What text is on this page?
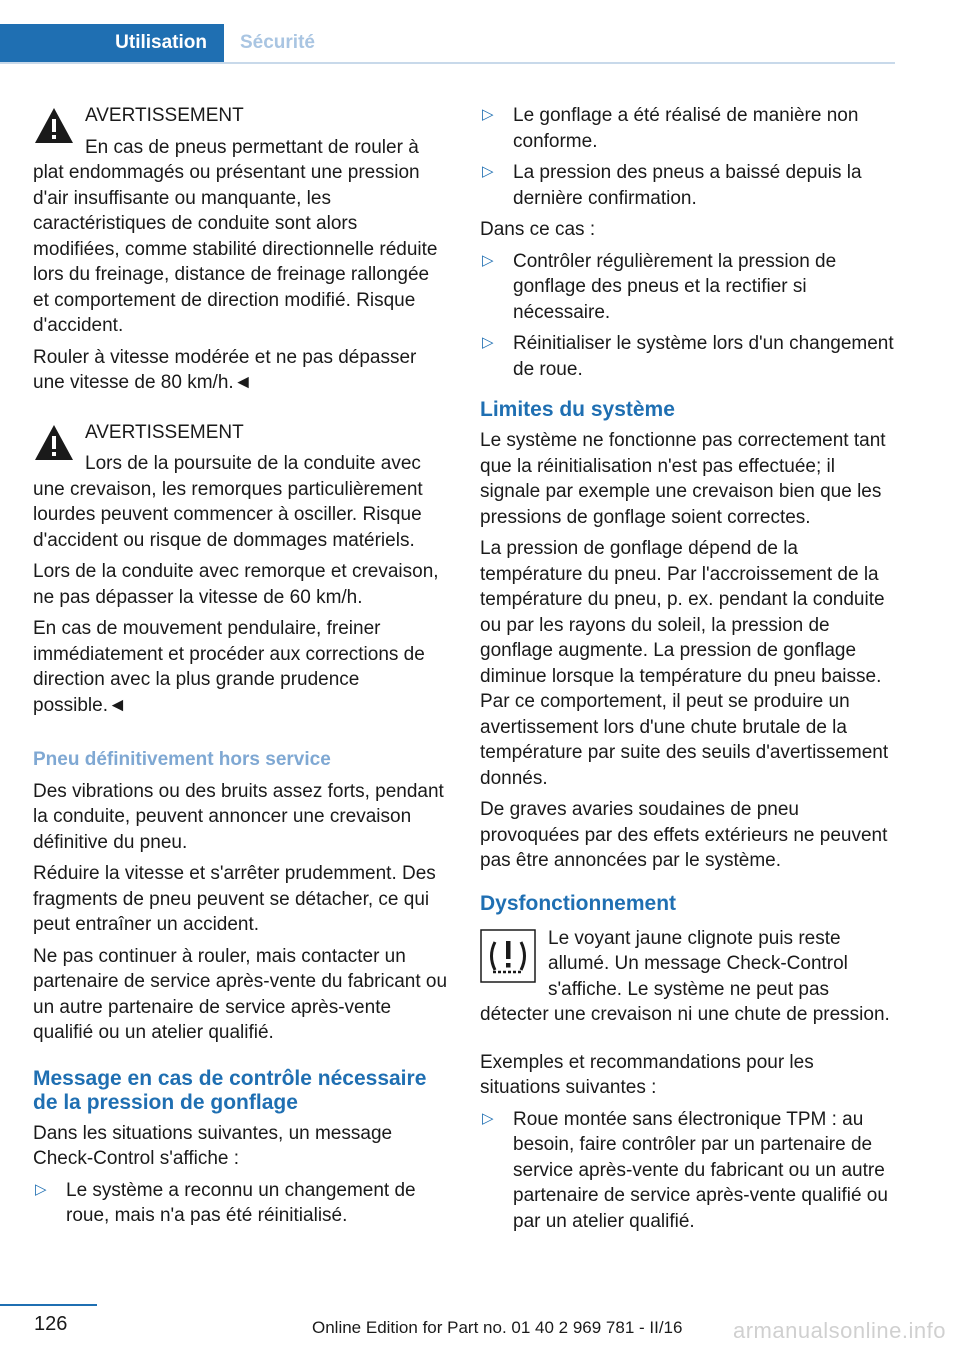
Utilisation	Sécurité

AVERTISSEMENT

En cas de pneus permettant de rouler à plat endommagés ou présentant une pression d'air insuffisante ou manquante, les caractéristiques de conduite sont alors modifiées, comme stabilité directionnelle réduite lors du freinage, distance de freinage rallongée et comportement de direction modifié. Risque d'accident.

Rouler à vitesse modérée et ne pas dépasser une vitesse de 80 km/h.◄

AVERTISSEMENT

Lors de la poursuite de la conduite avec une crevaison, les remorques particulièrement lourdes peuvent commencer à osciller. Risque d'accident ou risque de dommages matériels.

Lors de la conduite avec remorque et crevaison, ne pas dépasser la vitesse de 60 km/h.

En cas de mouvement pendulaire, freiner immédiatement et procéder aux corrections de direction avec la plus grande prudence possible.◄

Pneu définitivement hors service

Des vibrations ou des bruits assez forts, pendant la conduite, peuvent annoncer une crevaison définitive du pneu.

Réduire la vitesse et s'arrêter prudemment. Des fragments de pneu peuvent se détacher, ce qui peut entraîner un accident.

Ne pas continuer à rouler, mais contacter un partenaire de service après-vente du fabricant ou un autre partenaire de service après-vente qualifié ou un atelier qualifié.

Message en cas de contrôle nécessaire de la pression de gonflage

Dans les situations suivantes, un message Check-Control s'affiche :

▷ Le système a reconnu un changement de roue, mais n'a pas été réinitialisé.
▷ Le gonflage a été réalisé de manière non conforme.
▷ La pression des pneus a baissé depuis la dernière confirmation.

Dans ce cas :

▷ Contrôler régulièrement la pression de gonflage des pneus et la rectifier si nécessaire.
▷ Réinitialiser le système lors d'un changement de roue.
Limites du système

Le système ne fonctionne pas correctement tant que la réinitialisation n'est pas effectuée; il signale par exemple une crevaison bien que les pressions de gonflage soient correctes.

La pression de gonflage dépend de la température du pneu. Par l'accroissement de la température du pneu, p. ex. pendant la conduite ou par les rayons du soleil, la pression de gonflage augmente. La pression de gonflage diminue lorsque la température du pneu baisse. Par ce comportement, il peut se produire un avertissement lors d'une chute brutale de la température par suite des seuils d'avertissement donnés.

De graves avaries soudaines de pneu provoquées par des effets extérieurs ne peuvent pas être annoncées par le système.

Dysfonctionnement

Le voyant jaune clignote puis reste allumé. Un message Check-Control s'affiche. Le système ne peut pas détecter une crevaison ni une chute de pression.

Exemples et recommandations pour les situations suivantes :

▷ Roue montée sans électronique TPM : au besoin, faire contrôler par un partenaire de service après-vente du fabricant ou un autre partenaire de service après-vente qualifié ou par un atelier qualifié.
126	Online Edition for Part no. 01 40 2 969 781 - II/16 armanualsonline.info
